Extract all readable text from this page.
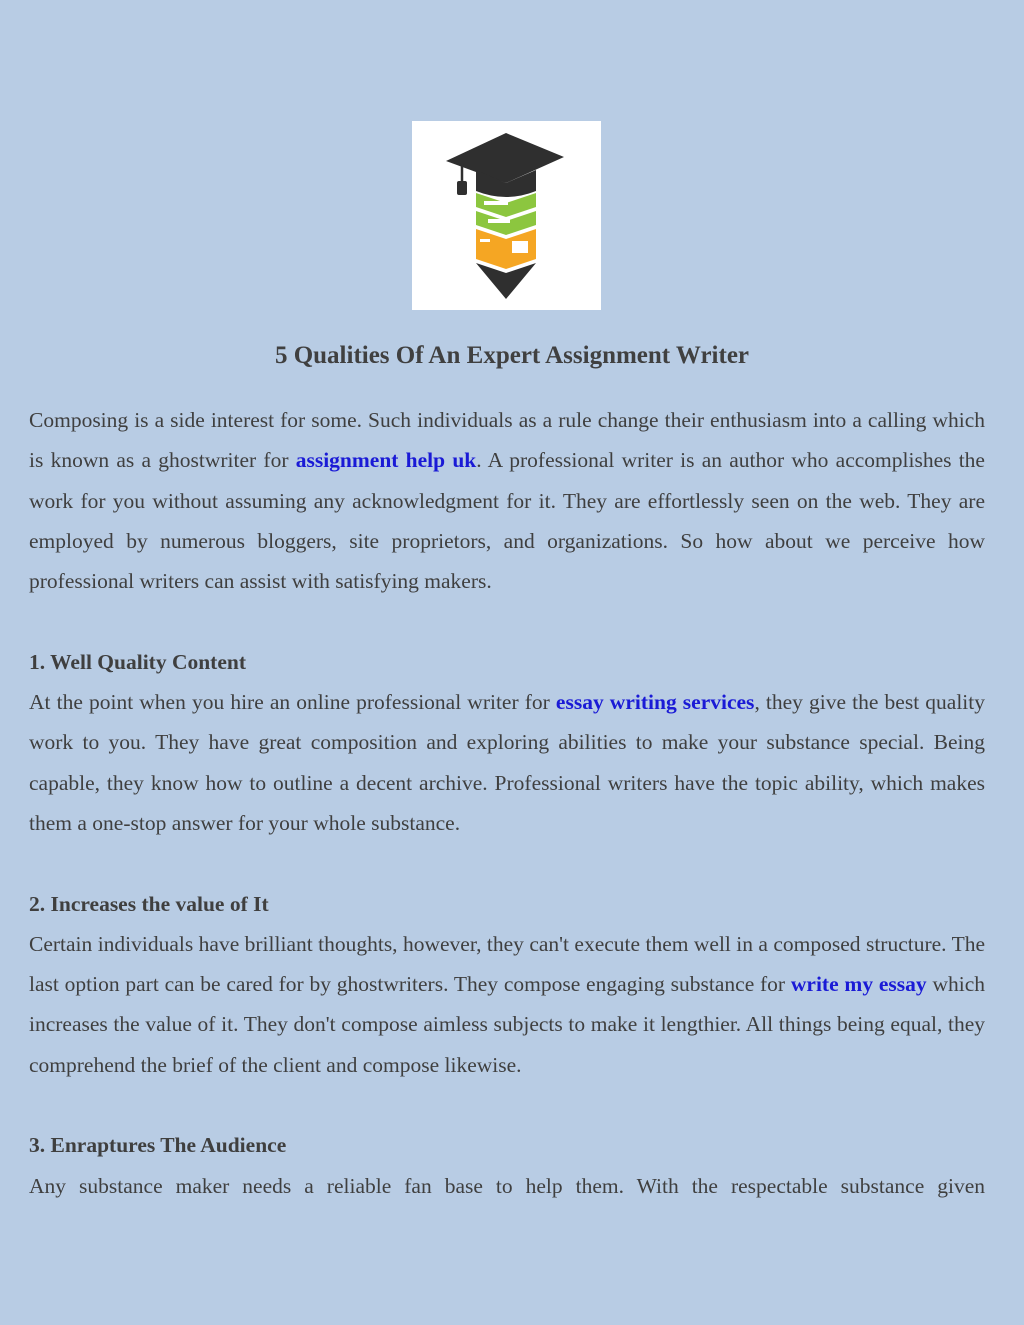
5 Qualities Of An Expert Assignment Writer

Composing is a side interest for some. Such individuals as a rule change their enthusiasm into a calling which is known as a ghostwriter for assignment help uk. A professional writer is an author who accomplishes the work for you without assuming any acknowledgment for it. They are effortlessly seen on the web. They are employed by numerous bloggers, site proprietors, and organizations. So how about we perceive how professional writers can assist with satisfying makers.

1. Well Quality Content

At the point when you hire an online professional writer for essay writing services, they give the best quality work to you. They have great composition and exploring abilities to make your substance special. Being capable, they know how to outline a decent archive. Professional writers have the topic ability, which makes them a one-stop answer for your whole substance.

2. Increases the value of It

Certain individuals have brilliant thoughts, however, they can't execute them well in a composed structure. The last option part can be cared for by ghostwriters. They compose engaging substance for write my essay which increases the value of it. They don't compose aimless subjects to make it lengthier. All things being equal, they comprehend the brief of the client and compose likewise.

3. Enraptures The Audience

Any substance maker needs a reliable fan base to help them. With the respectable substance given
